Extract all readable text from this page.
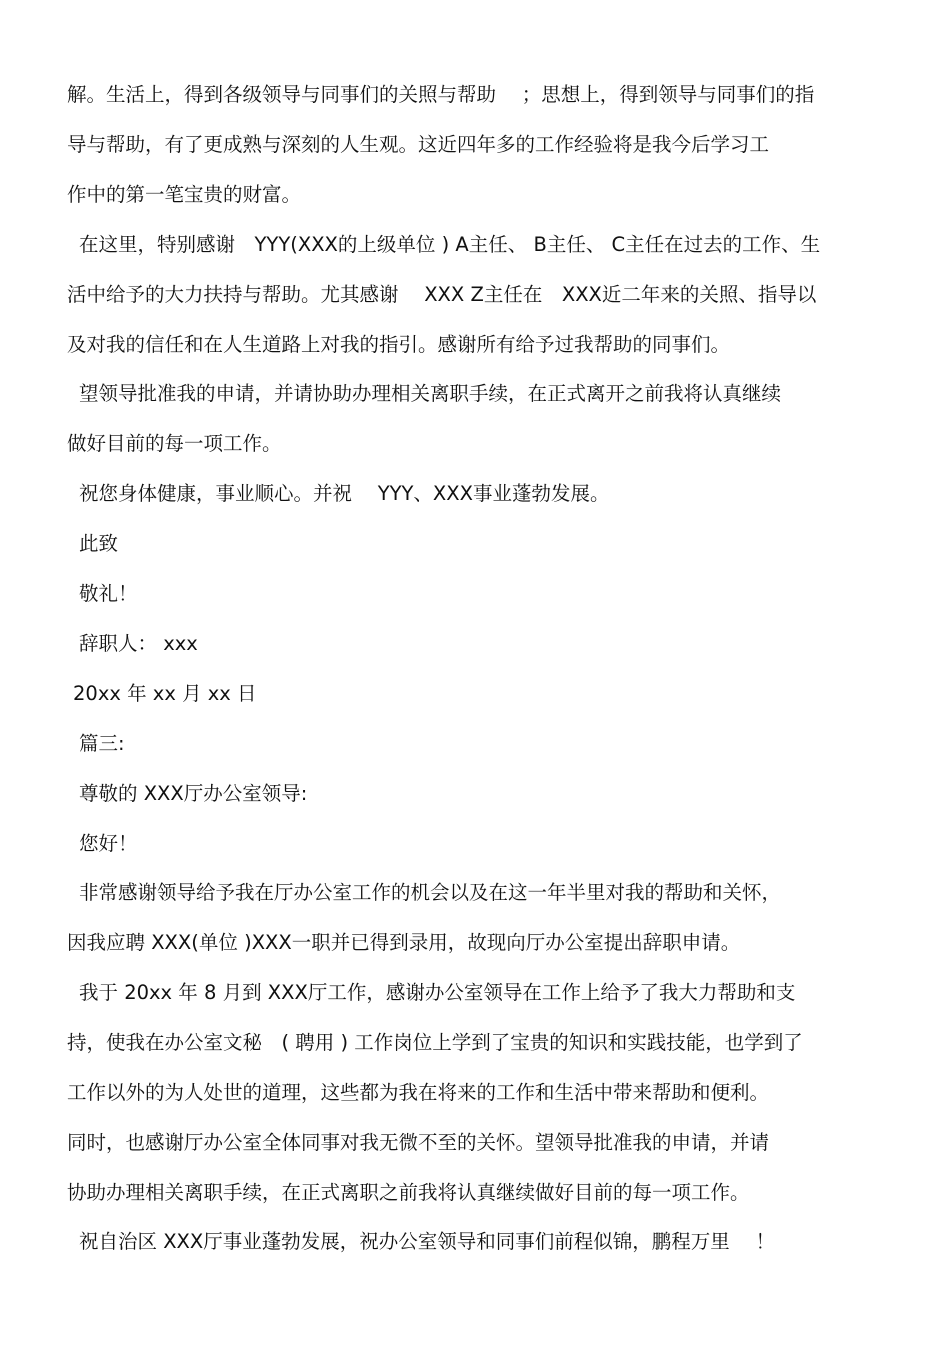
解。生活上，得到各级领导与同事们的关照与帮助　 ；思想上，得到领导与同事们的指
导与帮助，有了更成熟与深刻的人生观。这近四年多的工作经验将是我今后学习工
作中的第一笔宝贵的财富。
在这里，特别感谢　YYY(XXX的上级单位 ) A主任、 B主任、 C主任在过去的工作、生
活中给予的大力扶持与帮助。尤其感谢　 XXX Z主任在　XXX近二年来的关照、指导以
及对我的信任和在人生道路上对我的指引。感谢所有给予过我帮助的同事们。
望领导批准我的申请，并请协助办理相关离职手续，在正式离开之前我将认真继续
做好目前的每一项工作。
祝您身体健康，事业顺心。并祝　 YYY、XXX事业蓬勃发展。
此致
敬礼！
辞职人： xxx
20xx 年 xx 月 xx 日
篇三:
尊敬的 XXX厅办公室领导:
您好！
非常感谢领导给予我在厅办公室工作的机会以及在这一年半里对我的帮助和关怀，
因我应聘 XXX(单位 )XXX一职并已得到录用，故现向厅办公室提出辞职申请。
我于 20xx 年 8 月到 XXX厅工作，感谢办公室领导在工作上给予了我大力帮助和支
持，使我在办公室文秘　( 聘用 ) 工作岗位上学到了宝贵的知识和实践技能，也学到了
工作以外的为人处世的道理，这些都为我在将来的工作和生活中带来帮助和便利。
同时，也感谢厅办公室全体同事对我无微不至的关怀。望领导批准我的申请，并请
协助办理相关离职手续，在正式离职之前我将认真继续做好目前的每一项工作。
祝自治区 XXX厅事业蓬勃发展，祝办公室领导和同事们前程似锦，鹏程万里　 ！
